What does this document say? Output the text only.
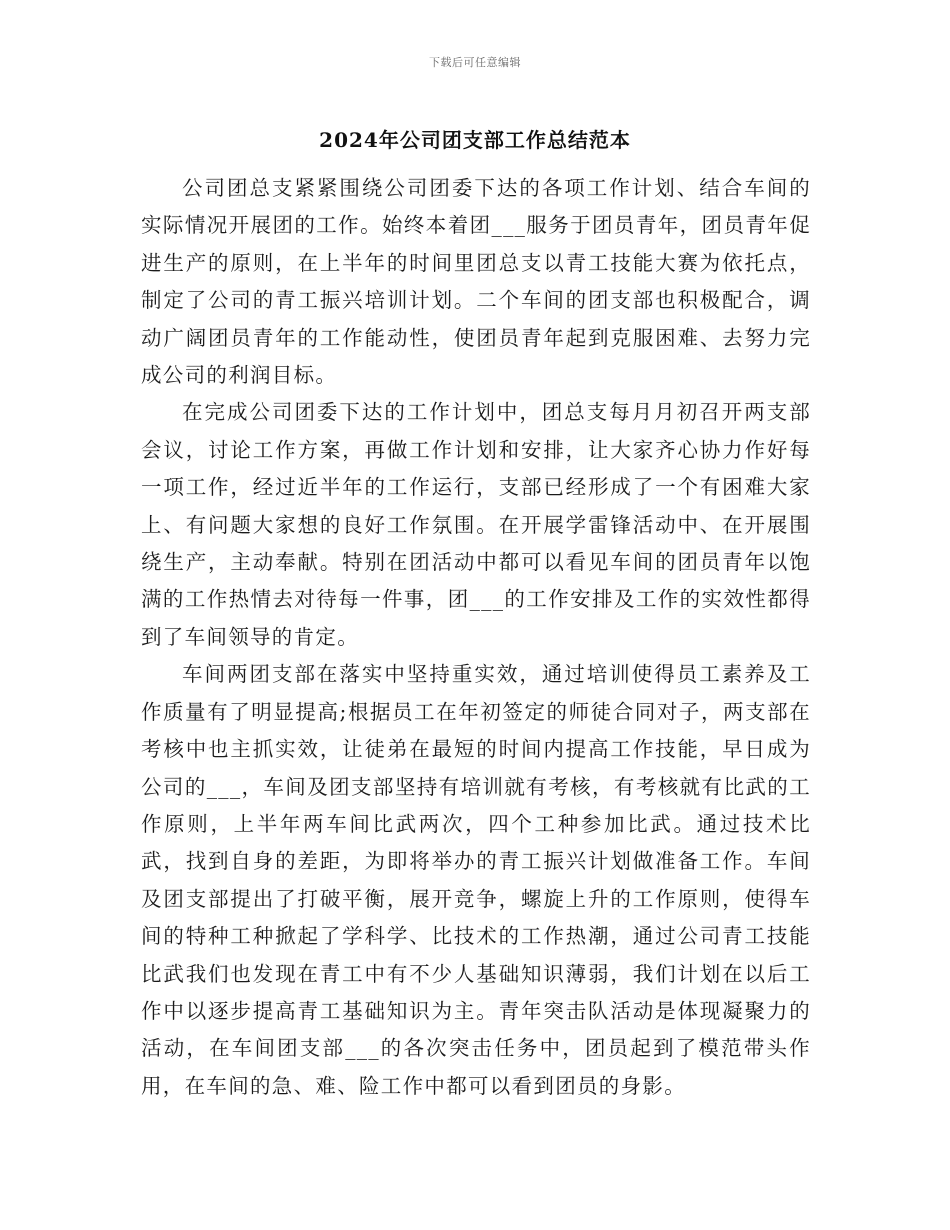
下载后可任意编辑
2024年公司团支部工作总结范本

公司团总支紧紧围绕公司团委下达的各项工作计划、结合车间的实际情况开展团的工作。始终本着团___服务于团员青年，团员青年促进生产的原则，在上半年的时间里团总支以青工技能大赛为依托点，制定了公司的青工振兴培训计划。二个车间的团支部也积极配合，调动广阔团员青年的工作能动性，使团员青年起到克服困难、去努力完成公司的利润目标。

在完成公司团委下达的工作计划中，团总支每月月初召开两支部会议，讨论工作方案，再做工作计划和安排，让大家齐心协力作好每一项工作，经过近半年的工作运行，支部已经形成了一个有困难大家上、有问题大家想的良好工作氛围。在开展学雷锋活动中、在开展围绕生产，主动奉献。特别在团活动中都可以看见车间的团员青年以饱满的工作热情去对待每一件事，团___的工作安排及工作的实效性都得到了车间领导的肯定。

车间两团支部在落实中坚持重实效，通过培训使得员工素养及工作质量有了明显提高;根据员工在年初签定的师徒合同对子，两支部在考核中也主抓实效，让徒弟在最短的时间内提高工作技能，早日成为公司的___，车间及团支部坚持有培训就有考核，有考核就有比武的工作原则，上半年两车间比武两次，四个工种参加比武。通过技术比武，找到自身的差距，为即将举办的青工振兴计划做准备工作。车间及团支部提出了打破平衡，展开竞争，螺旋上升的工作原则，使得车间的特种工种掀起了学科学、比技术的工作热潮，通过公司青工技能比武我们也发现在青工中有不少人基础知识薄弱，我们计划在以后工作中以逐步提高青工基础知识为主。青年突击队活动是体现凝聚力的活动，在车间团支部___的各次突击任务中，团员起到了模范带头作用，在车间的急、难、险工作中都可以看到团员的身影。
